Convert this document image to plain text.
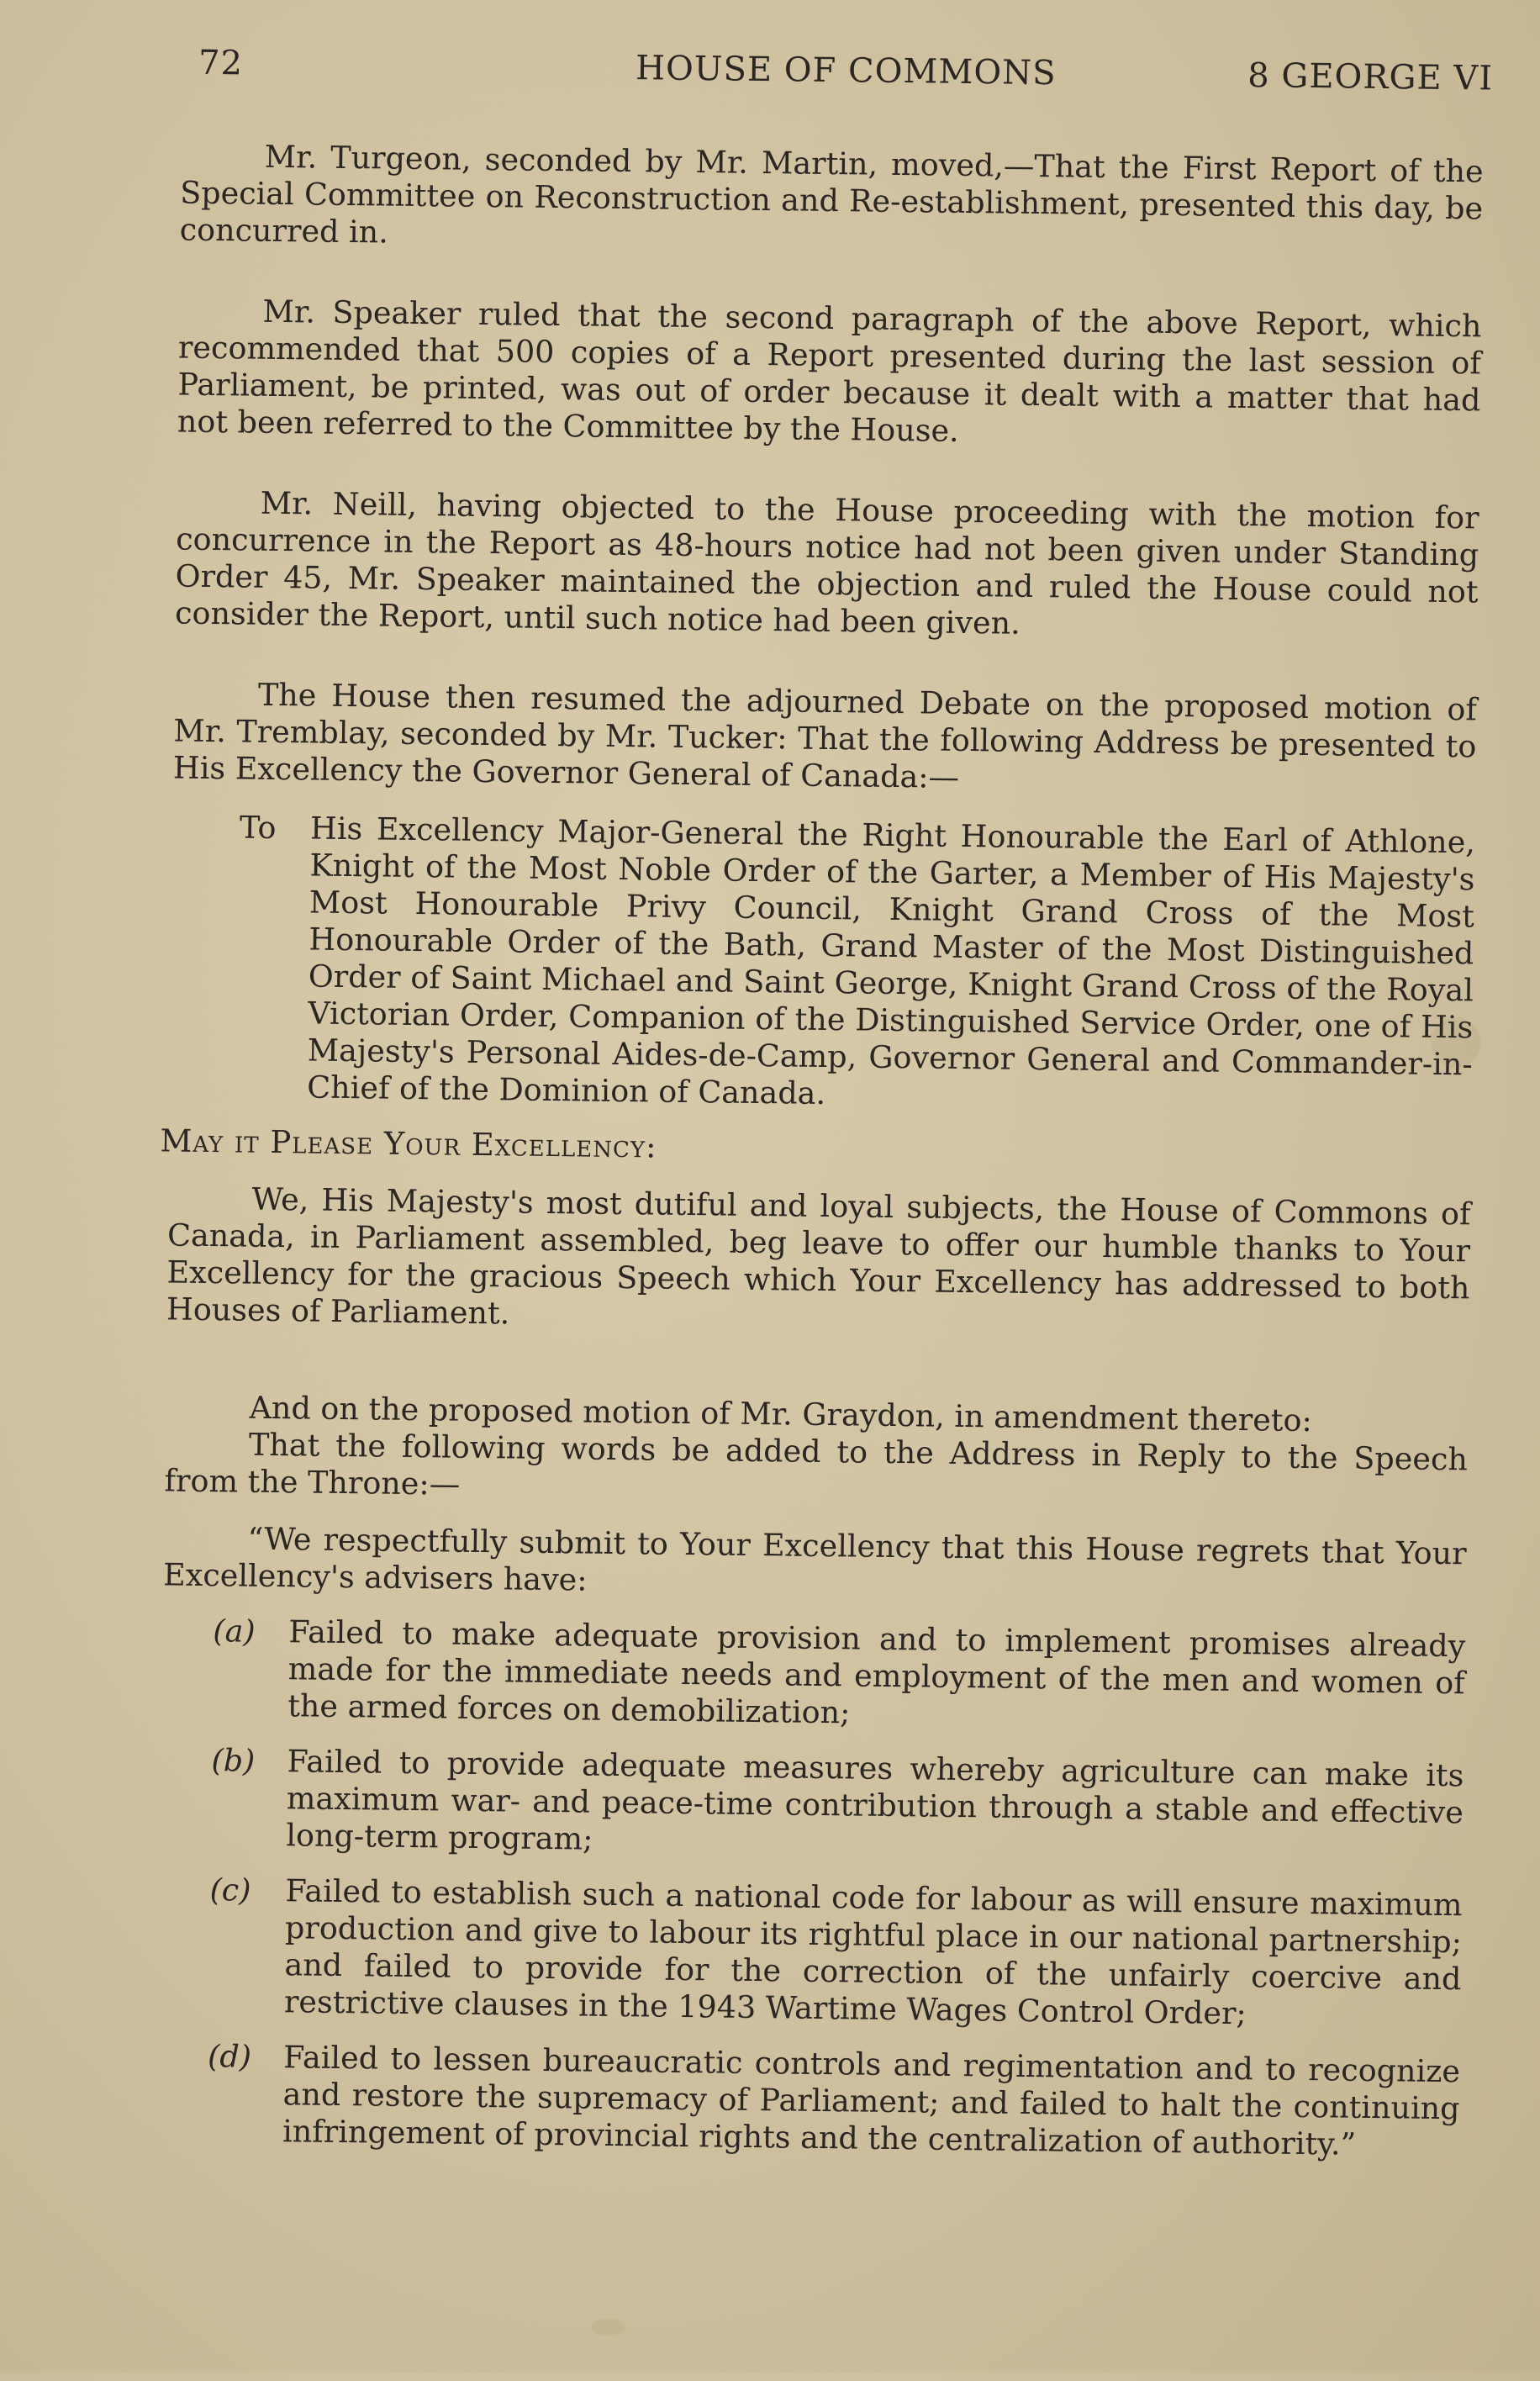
72	HOUSE OF COMMONS	8 GEORGE VI

Mr. Turgeon, seconded by Mr. Martin, moved,—That the First Report of the Special Committee on Reconstruction and Re-establishment, presented this day, be concurred in.

Mr. Speaker ruled that the second paragraph of the above Report, which recommended that 500 copies of a Report presented during the last session of Parliament, be printed, was out of order because it dealt with a matter that had not been referred to the Committee by the House.

Mr. Neill, having objected to the House proceeding with the motion for concurrence in the Report as 48-hours notice had not been given under Standing Order 45, Mr. Speaker maintained the objection and ruled the House could not consider the Report, until such notice had been given.

The House then resumed the adjourned Debate on the proposed motion of Mr. Tremblay, seconded by Mr. Tucker: That the following Address be presented to His Excellency the Governor General of Canada:—

To	His Excellency Major-General the Right Honourable the Earl of Athlone, Knight of the Most Noble Order of the Garter, a Member of His Majesty's Most Honourable Privy Council, Knight Grand Cross of the Most Honourable Order of the Bath, Grand Master of the Most Distinguished Order of Saint Michael and Saint George, Knight Grand Cross of the Royal Victorian Order, Companion of the Distinguished Service Order, one of His Majesty's Personal Aides-de-Camp, Governor General and Commander-in-Chief of the Dominion of Canada.

May it Please Your Excellency:

We, His Majesty's most dutiful and loyal subjects, the House of Commons of Canada, in Parliament assembled, beg leave to offer our humble thanks to Your Excellency for the gracious Speech which Your Excellency has addressed to both Houses of Parliament.

And on the proposed motion of Mr. Graydon, in amendment thereto:

That the following words be added to the Address in Reply to the Speech from the Throne:—

“We respectfully submit to Your Excellency that this House regrets that Your Excellency's advisers have:

(a)	Failed to make adequate provision and to implement promises already made for the immediate needs and employment of the men and women of the armed forces on demobilization;
(b)	Failed to provide adequate measures whereby agriculture can make its maximum war- and peace-time contribution through a stable and effective long-term program;
(c)	Failed to establish such a national code for labour as will ensure maximum production and give to labour its rightful place in our national partnership; and failed to provide for the correction of the unfairly coercive and restrictive clauses in the 1943 Wartime Wages Control Order;
(d)	Failed to lessen bureaucratic controls and regimentation and to recognize and restore the supremacy of Parliament; and failed to halt the continuing infringement of provincial rights and the centralization of authority.”
